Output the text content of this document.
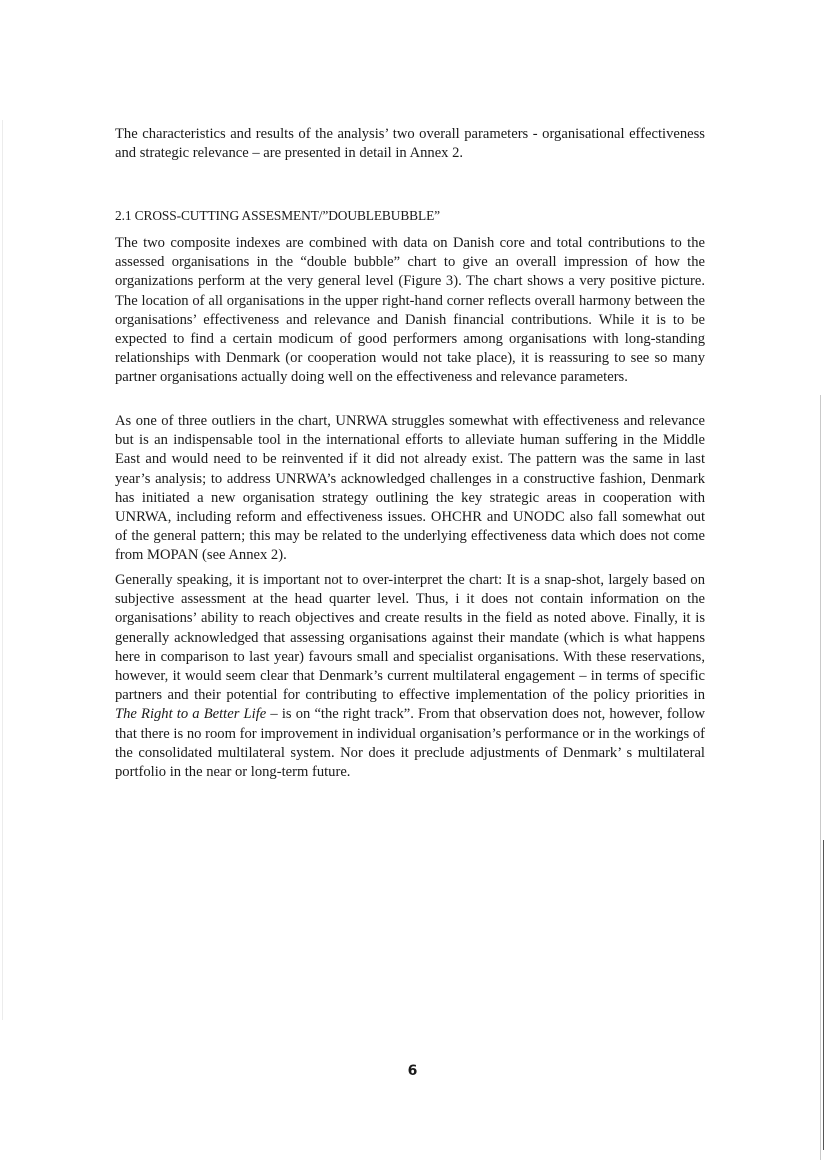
The characteristics and results of the analysis’ two overall parameters - organisational effectiveness and strategic relevance – are presented in detail in Annex 2.

2.1 CROSS-CUTTING ASSESMENT/”DOUBLEBUBBLE”

The two composite indexes are combined with data on Danish core and total contributions to the assessed organisations in the “double bubble” chart to give an overall impression of how the organizations perform at the very general level (Figure 3). The chart shows a very positive picture. The location of all organisations in the upper right-hand corner reflects overall harmony between the organisations’ effectiveness and relevance and Danish financial contributions. While it is to be expected to find a certain modicum of good performers among organisations with long-standing relationships with Denmark (or cooperation would not take place), it is reassuring to see so many partner organisations actually doing well on the effectiveness and relevance parameters.

As one of three outliers in the chart, UNRWA struggles somewhat with effectiveness and relevance but is an indispensable tool in the international efforts to alleviate human suffering in the Middle East and would need to be reinvented if it did not already exist. The pattern was the same in last year’s analysis; to address UNRWA’s acknowledged challenges in a constructive fashion, Denmark has initiated a new organisation strategy outlining the key strategic areas in cooperation with UNRWA, including reform and effectiveness issues. OHCHR and UNODC also fall somewhat out of the general pattern; this may be related to the underlying effectiveness data which does not come from MOPAN (see Annex 2).

Generally speaking, it is important not to over-interpret the chart: It is a snap-shot, largely based on subjective assessment at the head quarter level. Thus, i it does not contain information on the organisations’ ability to reach objectives and create results in the field as noted above. Finally, it is generally acknowledged that assessing organisations against their mandate (which is what happens here in comparison to last year) favours small and specialist organisations. With these reservations, however, it would seem clear that Denmark’s current multilateral engagement – in terms of specific partners and their potential for contributing to effective implementation of the policy priorities in The Right to a Better Life – is on “the right track”. From that observation does not, however, follow that there is no room for improvement in individual organisation’s performance or in the workings of the consolidated multilateral system. Nor does it preclude adjustments of Denmark’ s multilateral portfolio in the near or long-term future.

6
